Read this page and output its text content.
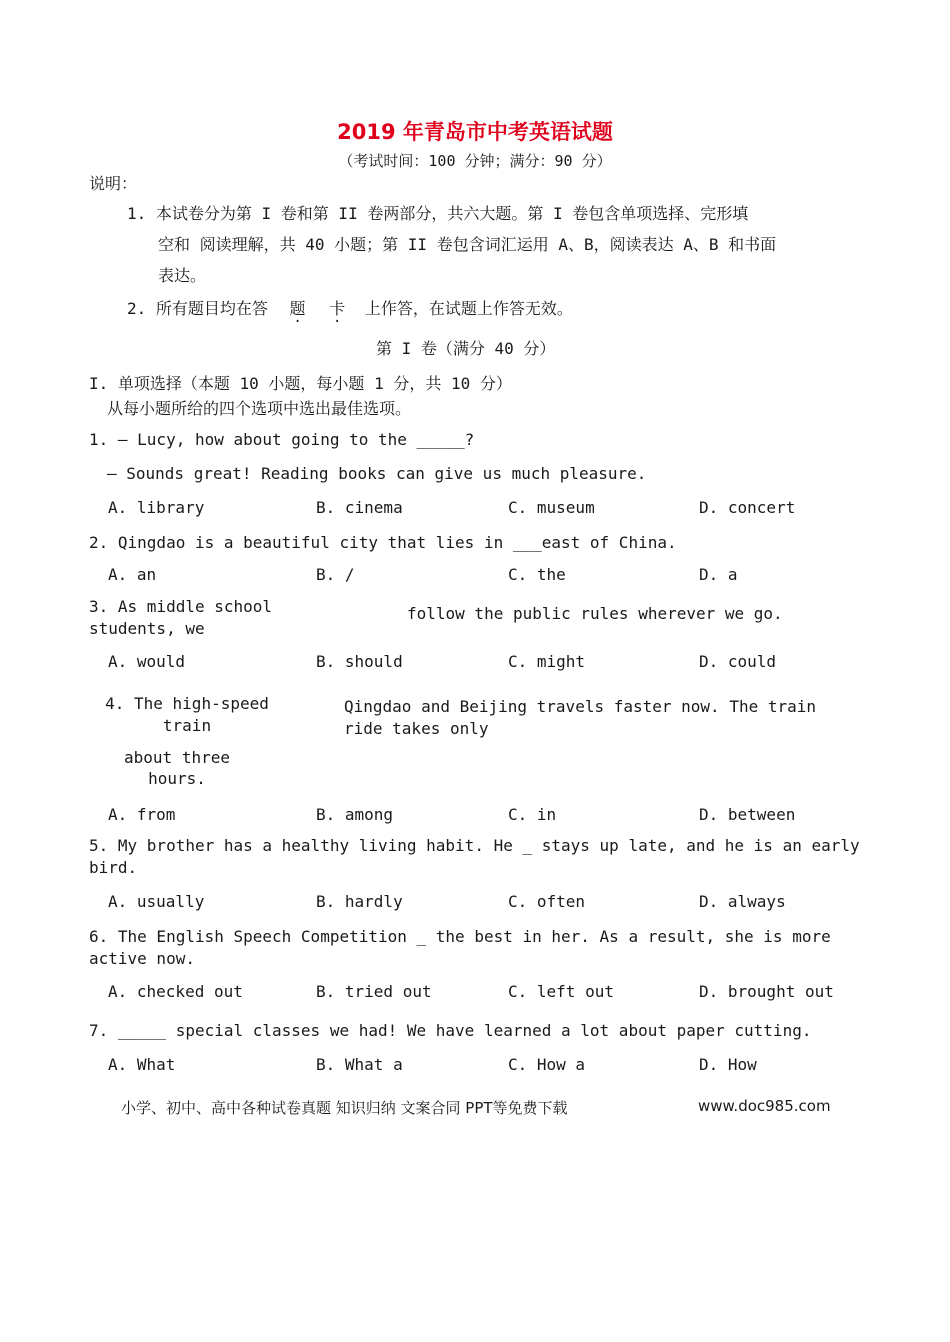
2019 年青岛市中考英语试题
（考试时间：100 分钟；满分：90 分）
说明：
1. 本试卷分为第 I 卷和第 II 卷两部分，共六大题。第 I 卷包含单项选择、完形填
空和 阅读理解，共 40 小题；第 II 卷包含词汇运用 A、B，阅读表达 A、B 和书面
表达。
2. 所有题目均在答 题 卡 上作答，在试题上作答无效。
第 I 卷（满分 40 分）
I. 单项选择（本题 10 小题，每小题 1 分，共 10 分）
从每小题所给的四个选项中选出最佳选项。
1. — Lucy, how about going to the _____?
— Sounds great! Reading books can give us much pleasure.
A. library	B. cinema	C. museum	D. concert
2. Qingdao is a beautiful city that lies in ___east of China.
A. an	B. /	C. the	D. a
3. As middle school students, we
follow the public rules wherever we go.
A. would	B. should	C. might	D. could
4. The high-speed train
Qingdao and Beijing travels faster now. The train ride takes only
about three hours.
A. from	B. among	C. in	D. between
5. My brother has a healthy living habit. He _ stays up late, and he is an early bird.
A. usually	B. hardly	C. often	D. always
6. The English Speech Competition _ the best in her. As a result, she is more active now.
A. checked out	B. tried out	C. left out	D. brought out
7. _____ special classes we had! We have learned a lot about paper cutting.
A. What	B. What a	C. How a	D. How
小学、初中、高中各种试卷真题 知识归纳 文案合同 PPT等免费下载	www.doc985.com
